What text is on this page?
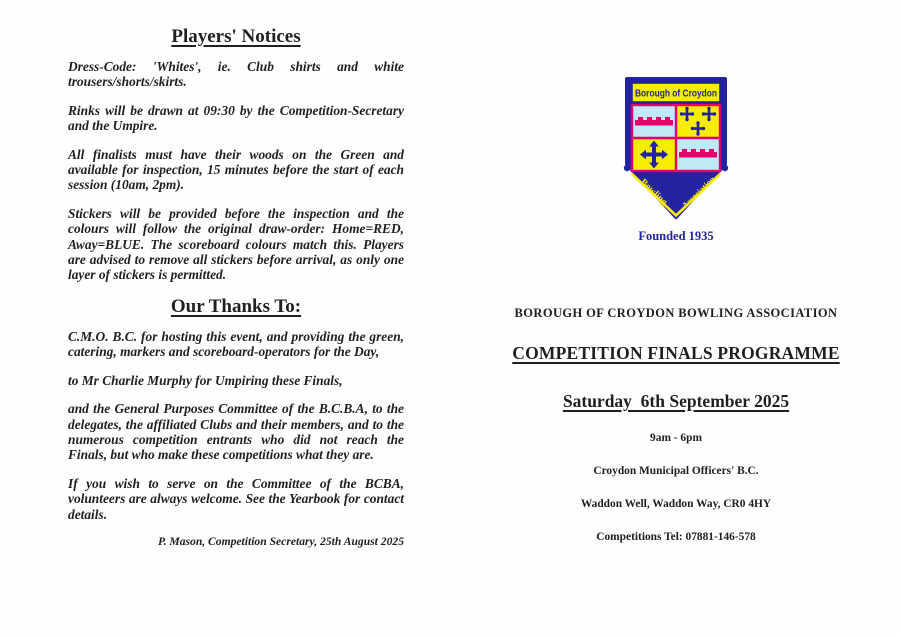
Players' Notices

Dress-Code: 'Whites', ie. Club shirts and white trousers/shorts/skirts.

Rinks will be drawn at 09:30 by the Competition-Secretary and the Umpire.

All finalists must have their woods on the Green and available for inspection, 15 minutes before the start of each session (10am, 2pm).

Stickers will be provided before the inspection and the colours will follow the original draw-order: Home=RED, Away=BLUE. The scoreboard colours match this. Players are advised to remove all stickers before arrival, as only one layer of stickers is permitted.

Our Thanks To:

C.M.O. B.C. for hosting this event, and providing the green, catering, markers and scoreboard-operators for the Day,

to Mr Charlie Murphy for Umpiring these Finals,

and the General Purposes Committee of the B.C.B.A, to the delegates, the affiliated Clubs and their members, and to the numerous competition entrants who did not reach the Finals, but who make these competitions what they are.

If you wish to serve on the Committee of the BCBA, volunteers are always welcome. See the Yearbook for contact details.

P. Mason, Competition Secretary, 25th August 2025
Borough of Croydon
Bowling Association
Founded 1935
BOROUGH OF CROYDON BOWLING ASSOCIATION
COMPETITION FINALS PROGRAMME
Saturday  6th September 2025
9am - 6pm
Croydon Municipal Officers' B.C.
Waddon Well, Waddon Way, CR0 4HY
Competitions Tel: 07881-146-578
